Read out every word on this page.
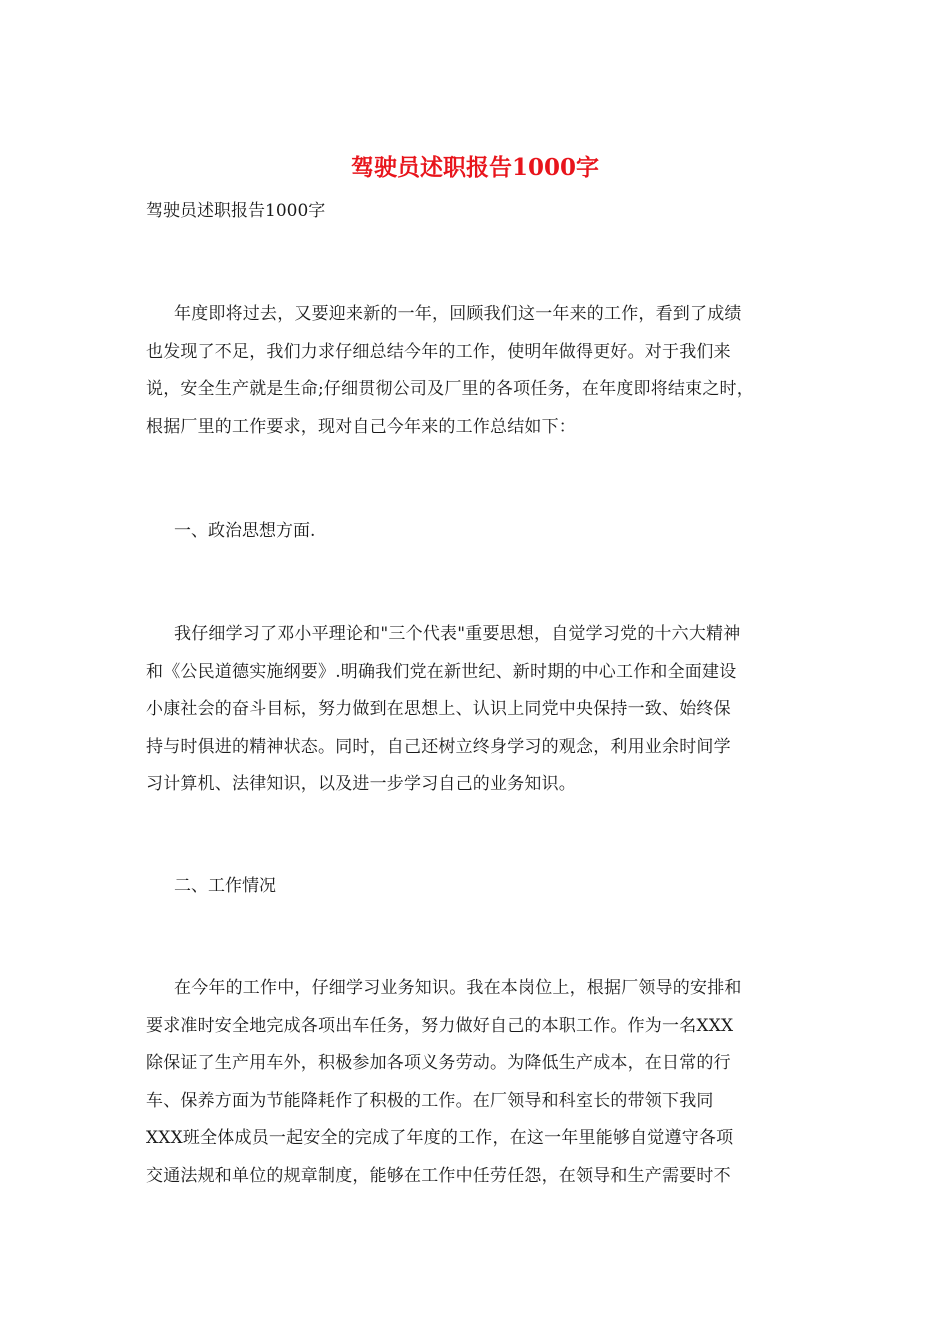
驾驶员述职报告1000字
驾驶员述职报告1000字
年度即将过去，又要迎来新的一年，回顾我们这一年来的工作，看到了成绩
也发现了不足，我们力求仔细总结今年的工作，使明年做得更好。对于我们来
说，安全生产就是生命;仔细贯彻公司及厂里的各项任务，在年度即将结束之时，
根据厂里的工作要求，现对自己今年来的工作总结如下：
一、政治思想方面.
我仔细学习了邓小平理论和"三个代表"重要思想，自觉学习党的十六大精神
和《公民道德实施纲要》.明确我们党在新世纪、新时期的中心工作和全面建设
小康社会的奋斗目标，努力做到在思想上、认识上同党中央保持一致、始终保
持与时俱进的精神状态。同时，自己还树立终身学习的观念，利用业余时间学
习计算机、法律知识，以及进一步学习自己的业务知识。
二、工作情况
在今年的工作中，仔细学习业务知识。我在本岗位上，根据厂领导的安排和
要求准时安全地完成各项出车任务，努力做好自己的本职工作。作为一名XXX
除保证了生产用车外，积极参加各项义务劳动。为降低生产成本，在日常的行
车、保养方面为节能降耗作了积极的工作。在厂领导和科室长的带领下我同
XXX班全体成员一起安全的完成了年度的工作，在这一年里能够自觉遵守各项
交通法规和单位的规章制度，能够在工作中任劳任怨，在领导和生产需要时不
